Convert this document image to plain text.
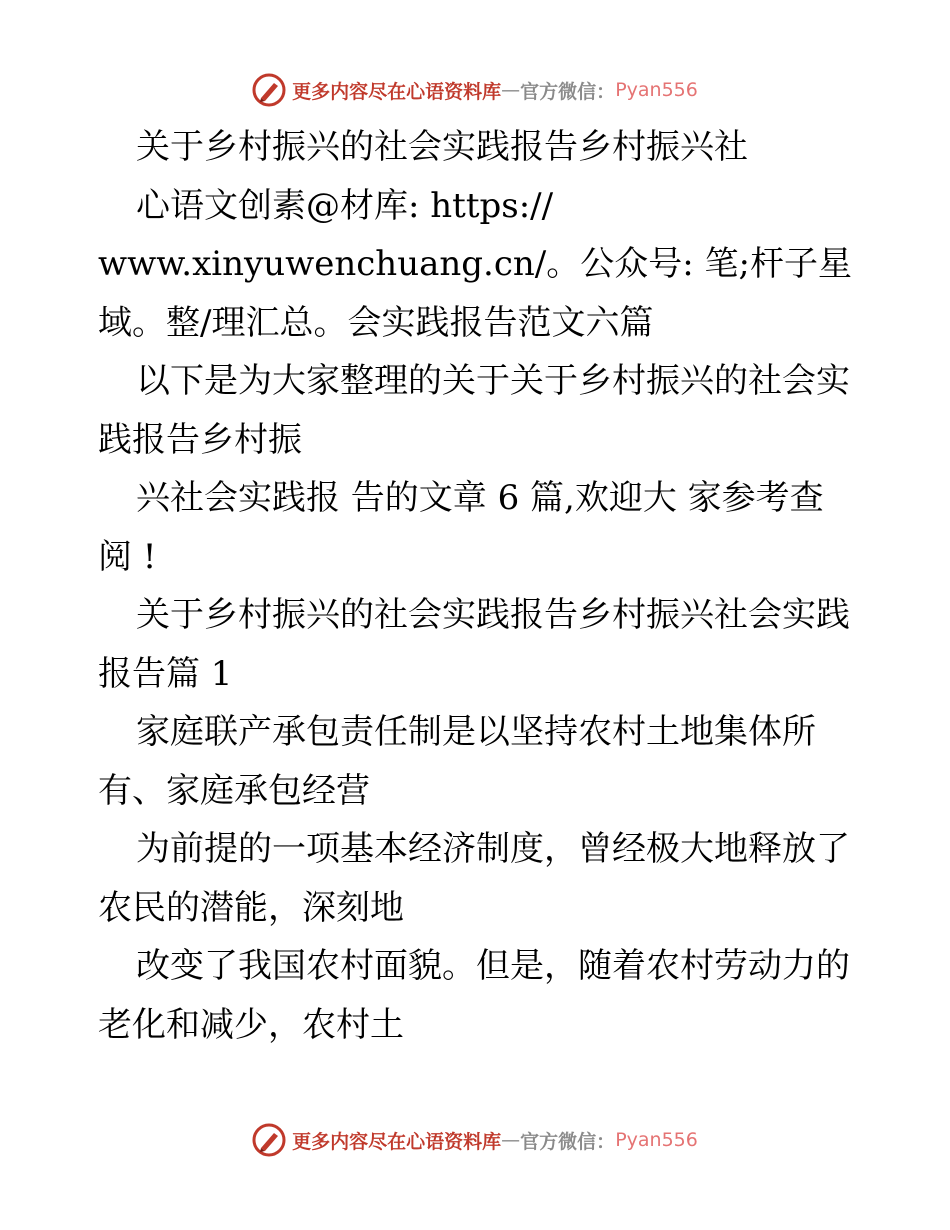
更多内容尽在心语资料库 — 官方微信： Pyan556
关于乡村振兴的社会实践报告乡村振兴社
心语文创素@材库: https://
www.xinyuwenchuang.cn/。公众号: 笔;杆子星
域。整/理汇总。会实践报告范文六篇
以下是为大家整理的关于关于乡村振兴的社会实
践报告乡村振
兴社会实践报 告的文章 6 篇,欢迎大 家参考查
阅 !
关于乡村振兴的社会实践报告乡村振兴社会实践
报告篇 1
家庭联产承包责任制是以坚持农村土地集体所
有、家庭承包经营
为前提的一项基本经济制度，曾经极大地释放了
农民的潜能，深刻地
改变了我国农村面貌。但是，随着农村劳动力的
老化和减少，农村土
更多内容尽在心语资料库 — 官方微信： Pyan556
